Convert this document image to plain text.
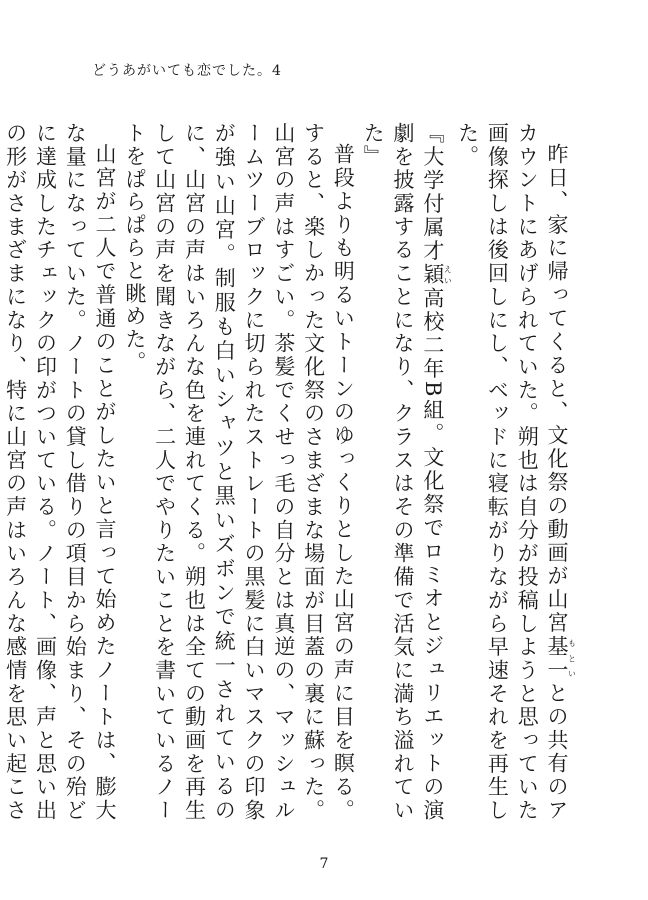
どうあがいても恋でした。4

昨日、家に帰ってくると、文化祭の動画が山宮基一もといとの共有のアカウントにあげられていた。朔也は自分が投稿しようと思っていた画像探しは後回しにし、ベッドに寝転がりながら早速それを再生した。

『大学付属才穎えい高校二年B組。文化祭でロミオとジュリエットの演劇を披露することになり、クラスはその準備で活気に満ち溢れていた』

普段よりも明るいトーンのゆっくりとした山宮の声に目を瞑る。すると、楽しかった文化祭のさまざまな場面が目蓋の裏に蘇った。山宮の声はすごい。茶髪でくせっ毛の自分とは真逆の、マッシュルームツーブロックに切られたストレートの黒髪に白いマスクの印象が強い山宮。制服も白いシャツと黒いズボンで統一されているのに、山宮の声はいろんな色を連れてくる。朔也は全ての動画を再生して山宮の声を聞きながら、二人でやりたいことを書いているノートをぱらぱらと眺めた。

山宮が二人で普通のことがしたいと言って始めたノートは、膨大な量になっていた。ノートの貸し借りの項目から始まり、その殆どに達成したチェックの印がついている。ノート、画像、声と思い出の形がさまざまになり、特に山宮の声はいろんな感情を思い起こさ

7
